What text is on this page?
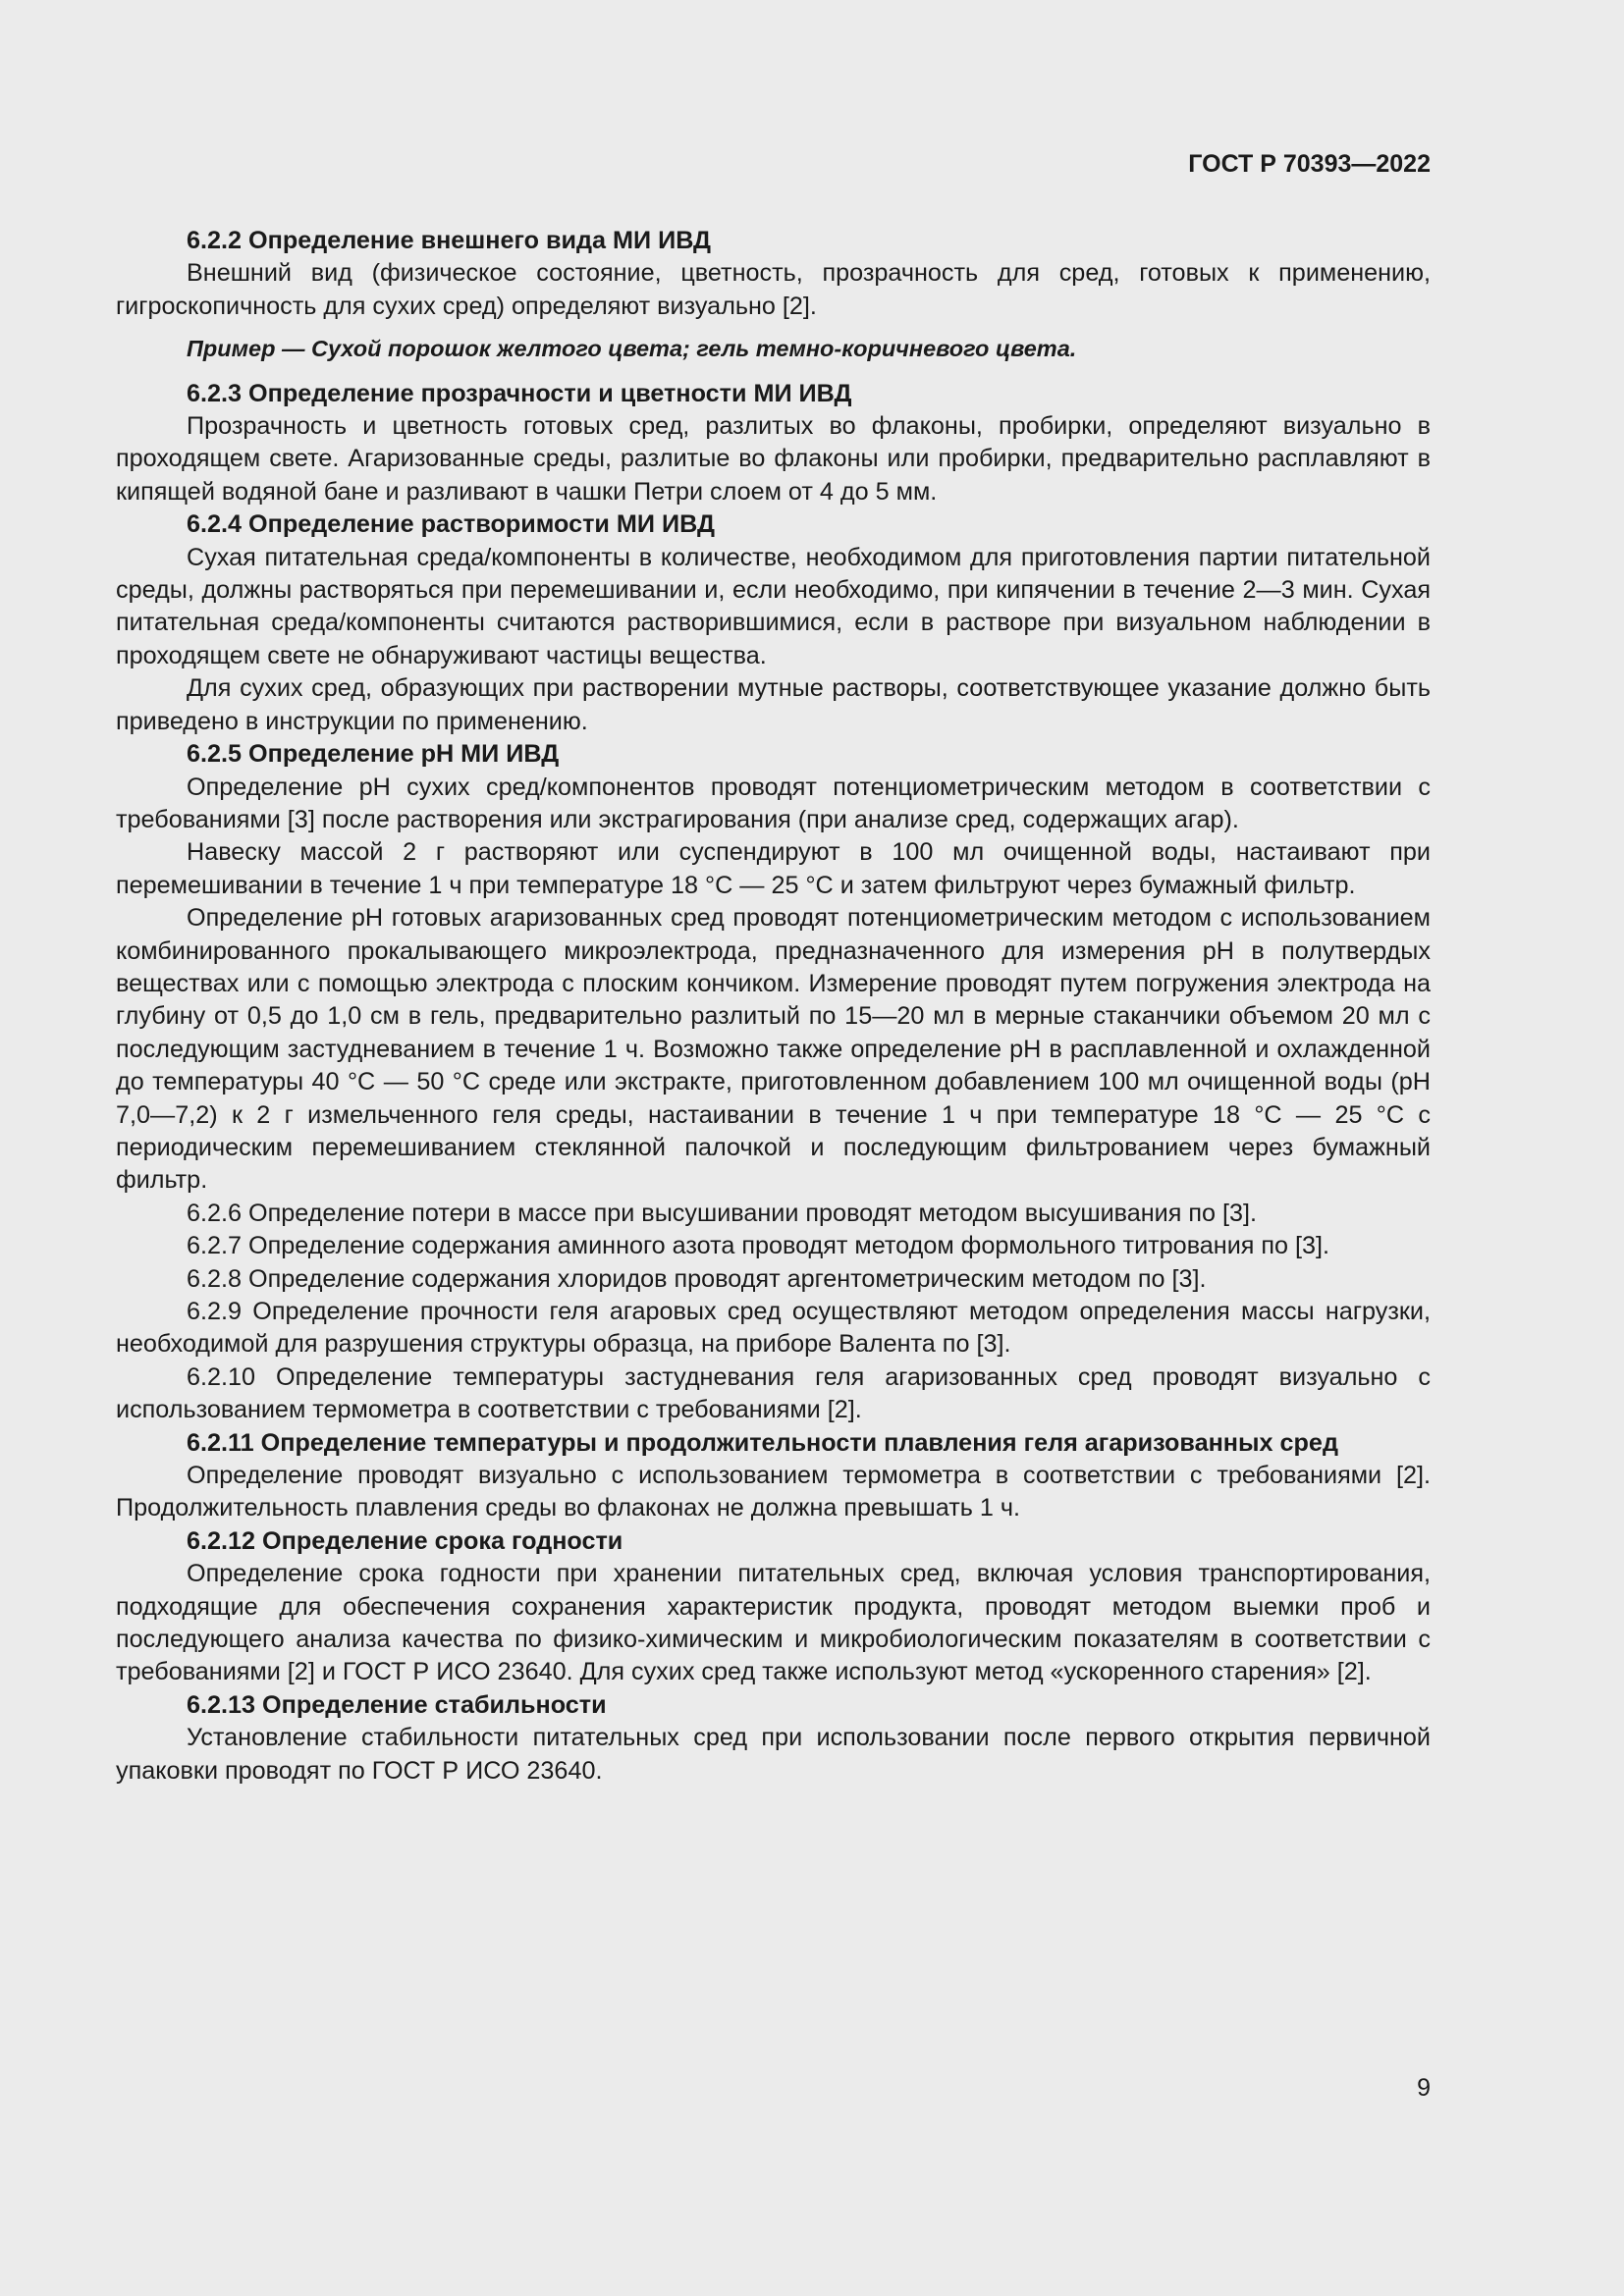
ГОСТ Р 70393—2022

6.2.2 Определение внешнего вида МИ ИВД

Внешний вид (физическое состояние, цветность, прозрачность для сред, готовых к применению, гигроскопичность для сухих сред) определяют визуально [2].

Пример — Сухой порошок желтого цвета; гель темно-коричневого цвета.

6.2.3 Определение прозрачности и цветности МИ ИВД

Прозрачность и цветность готовых сред, разлитых во флаконы, пробирки, определяют визуально в проходящем свете. Агаризованные среды, разлитые во флаконы или пробирки, предварительно расплавляют в кипящей водяной бане и разливают в чашки Петри слоем от 4 до 5 мм.

6.2.4 Определение растворимости МИ ИВД

Сухая питательная среда/компоненты в количестве, необходимом для приготовления партии питательной среды, должны растворяться при перемешивании и, если необходимо, при кипячении в течение 2—3 мин. Сухая питательная среда/компоненты считаются растворившимися, если в растворе при визуальном наблюдении в проходящем свете не обнаруживают частицы вещества.

Для сухих сред, образующих при растворении мутные растворы, соответствующее указание должно быть приведено в инструкции по применению.

6.2.5 Определение pH МИ ИВД

Определение pH сухих сред/компонентов проводят потенциометрическим методом в соответствии с требованиями [3] после растворения или экстрагирования (при анализе сред, содержащих агар).

Навеску массой 2 г растворяют или суспендируют в 100 мл очищенной воды, настаивают при перемешивании в течение 1 ч при температуре 18 °С — 25 °С и затем фильтруют через бумажный фильтр.

Определение pH готовых агаризованных сред проводят потенциометрическим методом с использованием комбинированного прокалывающего микроэлектрода, предназначенного для измерения pH в полутвердых веществах или с помощью электрода с плоским кончиком. Измерение проводят путем погружения электрода на глубину от 0,5 до 1,0 см в гель, предварительно разлитый по 15—20 мл в мерные стаканчики объемом 20 мл с последующим застудневанием в течение 1 ч. Возможно также определение pH в расплавленной и охлажденной до температуры 40 °С — 50 °С среде или экстракте, приготовленном добавлением 100 мл очищенной воды (pH 7,0—7,2) к 2 г измельченного геля среды, настаивании в течение 1 ч при температуре 18 °С — 25 °С с периодическим перемешиванием стеклянной палочкой и последующим фильтрованием через бумажный фильтр.

6.2.6 Определение потери в массе при высушивании проводят методом высушивания по [3].

6.2.7 Определение содержания аминного азота проводят методом формольного титрования по [3].

6.2.8 Определение содержания хлоридов проводят аргентометрическим методом по [3].

6.2.9 Определение прочности геля агаровых сред осуществляют методом определения массы нагрузки, необходимой для разрушения структуры образца, на приборе Валента по [3].

6.2.10 Определение температуры застудневания геля агаризованных сред проводят визуально с использованием термометра в соответствии с требованиями [2].

6.2.11 Определение температуры и продолжительности плавления геля агаризованных сред

Определение проводят визуально с использованием термометра в соответствии с требованиями [2]. Продолжительность плавления среды во флаконах не должна превышать 1 ч.

6.2.12 Определение срока годности

Определение срока годности при хранении питательных сред, включая условия транспортирования, подходящие для обеспечения сохранения характеристик продукта, проводят методом выемки проб и последующего анализа качества по физико-химическим и микробиологическим показателям в соответствии с требованиями [2] и ГОСТ Р ИСО 23640. Для сухих сред также используют метод «ускоренного старения» [2].

6.2.13 Определение стабильности

Установление стабильности питательных сред при использовании после первого открытия первичной упаковки проводят по ГОСТ Р ИСО 23640.

9
